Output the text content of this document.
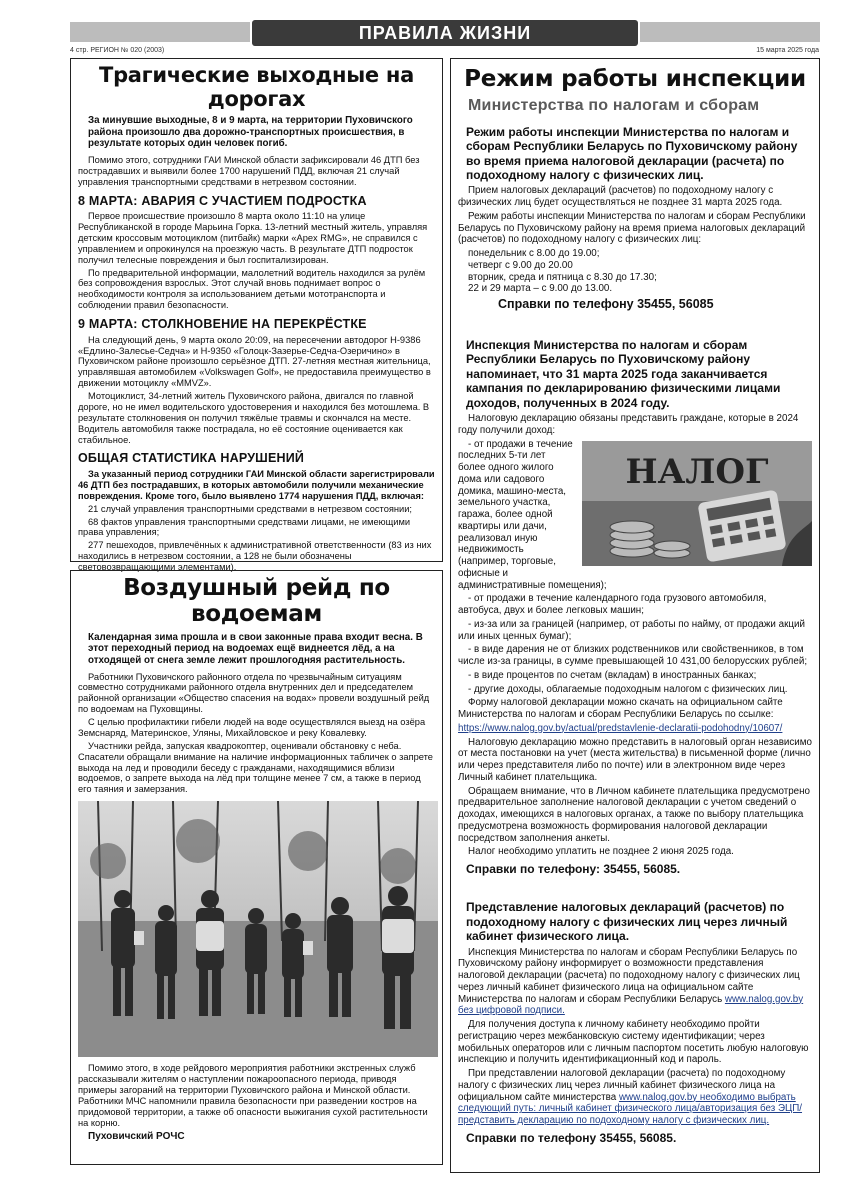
ПРАВИЛА ЖИЗНИ
4 стр. РЕГИОН № 020 (2003)	15 марта 2025 года
Трагические выходные на дорогах
За минувшие выходные, 8 и 9 марта, на территории Пуховичского района произошло два дорожно-транспортных происшествия, в результате которых один человек погиб.

Помимо этого, сотрудники ГАИ Минской области зафиксировали 46 ДТП без пострадавших и выявили более 1700 нарушений ПДД, включая 21 случай управления транспортными средствами в нетрезвом состоянии.

8 МАРТА: АВАРИЯ С УЧАСТИЕМ ПОДРОСТКА

Первое происшествие произошло 8 марта около 11:10 на улице Республиканской в городе Марьина Горка. 13-летний местный житель, управляя детским кроссовым мотоциклом (питбайк) марки «Apex RMG», не справился с управлением и опрокинулся на проезжую часть. В результате ДТП подросток получил телесные повреждения и был госпитализирован.

По предварительной информации, малолетний водитель находился за рулём без сопровождения взрослых. Этот случай вновь поднимает вопрос о необходимости контроля за использованием детьми мототранспорта и соблюдении правил безопасности.

9 МАРТА: СТОЛКНОВЕНИЕ НА ПЕРЕКРЁСТКЕ

На следующий день, 9 марта около 20:09, на пересечении автодорог Н-9386 «Едлино-Залесье-Седча» и Н-9350 «Голоцк-Зазерье-Седча-Озеричино» в Пуховичском районе произошло серьёзное ДТП. 27-летняя местная жительница, управлявшая автомобилем «Volkswagen Golf», не предоставила преимущество в движении мотоциклу «MMVZ».

Мотоциклист, 34-летний житель Пуховичского района, двигался по главной дороге, но не имел водительского удостоверения и находился без мотошлема. В результате столкновения он получил тяжёлые травмы и скончался на месте. Водитель автомобиля также пострадала, но её состояние оценивается как стабильное.

ОБЩАЯ СТАТИСТИКА НАРУШЕНИЙ

За указанный период сотрудники ГАИ Минской области зарегистрировали 46 ДТП без пострадавших, в которых автомобили получили механические повреждения. Кроме того, было выявлено 1774 нарушения ПДД, включая:

21 случай управления транспортными средствами в нетрезвом состоянии;

68 фактов управления транспортными средствами лицами, не имеющими права управления;

277 пешеходов, привлечённых к административной ответственности (83 из них находились в нетрезвом состоянии, а 128 не были обозначены световозвращающими элементами).

Воздушный рейд по водоемам
Календарная зима прошла и в свои законные права входит весна. В этот переходный период на водоемах ещё виднеется лёд, а на отходящей от снега земле лежит прошлогодняя растительность.

Работники Пуховичского районного отдела по чрезвычайным ситуациям совместно сотрудниками районного отдела внутренних дел и председателем районной организации «Общество спасения на водах» провели воздушный рейд по водоемам на Пуховщины.

С целью профилактики гибели людей на воде осуществлялся выезд на озёра Земснаряд, Материнское, Уляны, Михайловское и реку Ковалевку.

Участники рейда, запуская квадрокоптер, оценивали обстановку с неба. Спасатели обращали внимание на наличие информационных табличек о запрете выхода на лед и проводили беседу с гражданами, находящимися вблизи водоемов, о запрете выхода на лёд при толщине менее 7 см, а также в период его таяния и замерзания.

Помимо этого, в ходе рейдового мероприятия работники экстренных служб рассказывали жителям о наступлении пожароопасного периода, приводя примеры загораний на территории Пуховичского района и Минской области. Работники МЧС напомнили правила безопасности при разведении костров на придомовой территории, а также об опасности выжигания сухой растительности на корню.

Пуховичский РОЧС
Режим работы инспекции
Министерства по налогам и сборам
Режим работы инспекции Министерства по налогам и сборам Республики Беларусь по Пуховичскому району во время приема налоговой декларации (расчета) по подоходному налогу с физических лиц.

Прием налоговых деклараций (расчетов) по подоходному налогу с физических лиц будет осуществляться не позднее 31 марта 2025 года.

Режим работы инспекции Министерства по налогам и сборам Республики Беларусь по Пуховичскому району на время приема налоговых деклараций (расчетов) по подоходному налогу с физических лиц:

понедельник с 8.00 до 19.00;
четверг с 9.00 до 20.00
вторник, среда и пятница с 8.30 до 17.30;
22 и 29 марта – с 9.00 до 13.00.
Справки по телефону 35455, 56085
Инспекция Министерства по налогам и сборам Республики Беларусь по Пуховичскому району напоминает, что 31 марта 2025 года заканчивается кампания по декларированию физическими лицами доходов, полученных в 2024 году.

Налоговую декларацию обязаны представить граждане, которые в 2024 году получили доход:

НАЛОГ

- от продажи в течение последних 5-ти лет более одного жилого дома или садового домика, машино-места, земельного участка, гаража, более одной квартиры или дачи, реализовал иную недвижимость (например, торговые, офисные и административные помещения);

- от продажи в течение календарного года грузового автомобиля, автобуса, двух и более легковых машин;

- из-за или за границей (например, от работы по найму, от продажи акций или иных ценных бумаг);

- в виде дарения не от близких родственников или свойственников, в том числе из-за границы, в сумме превышающей 10 431,00 белорусских рублей;

- в виде процентов по счетам (вкладам) в иностранных банках;

- другие доходы, облагаемые подоходным налогом с физических лиц.

Форму налоговой декларации можно скачать на официальном сайте Министерства по налогам и сборам Республики Беларусь по ссылке:

https://www.nalog.gov.by/actual/predstavlenie-declaratii-podohodny/10607/

Налоговую декларацию можно представить в налоговый орган независимо от места постановки на учет (места жительства) в письменной форме (лично или через представителя либо по почте) или в электронном виде через Личный кабинет плательщика.

Обращаем внимание, что в Личном кабинете плательщика предусмотрено предварительное заполнение налоговой декларации с учетом сведений о доходах, имеющихся в налоговых органах, а также по выбору плательщика предусмотрена возможность формирования налоговой декларации посредством заполнения анкеты.

Налог необходимо уплатить не позднее 2 июня 2025 года.

Справки по телефону: 35455, 56085.
Представление налоговых деклараций (расчетов) по подоходному налогу с физических лиц через личный кабинет физического лица.

Инспекция Министерства по налогам и сборам Республики Беларусь по Пуховичскому району информирует о возможности представления налоговой декларации (расчета) по подоходному налогу с физических лиц через личный кабинет физического лица на официальном сайте Министерства по налогам и сборам Республики Беларусь www.nalog.gov.by без цифровой подписи.

Для получения доступа к личному кабинету необходимо пройти регистрацию через межбанковскую систему идентификации; через мобильных операторов или с личным паспортом посетить любую налоговую инспекцию и получить идентификационный код и пароль.

При представлении налоговой декларации (расчета) по подоходному налогу с физических лиц через личный кабинет физического лица на официальном сайте министерства www.nalog.gov.by необходимо выбрать следующий путь: личный кабинет физического лица/авторизация без ЭЦП/представить декларацию по подоходному налогу с физических лиц.

Справки по телефону 35455, 56085.
